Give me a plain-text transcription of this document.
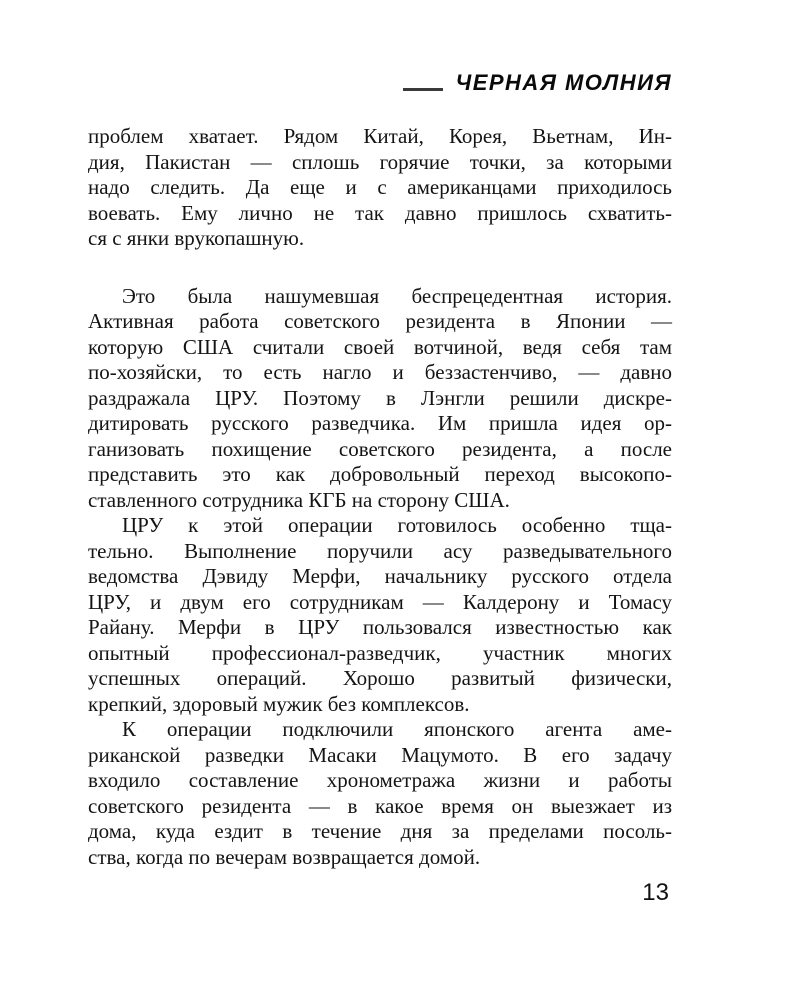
ЧЕРНАЯ МОЛНИЯ
проблем хватает. Рядом Китай, Корея, Вьетнам, Ин-
дия, Пакистан — сплошь горячие точки, за которыми
надо следить. Да еще и с американцами приходилось
воевать. Ему лично не так давно пришлось схватить-
ся с янки врукопашную.
Это была нашумевшая беспрецедентная история.
Активная работа советского резидента в Японии —
которую США считали своей вотчиной, ведя себя там
по-хозяйски, то есть нагло и беззастенчиво, — давно
раздражала ЦРУ. Поэтому в Лэнгли решили дискре-
дитировать русского разведчика. Им пришла идея ор-
ганизовать похищение советского резидента, а после
представить это как добровольный переход высокопо-
ставленного сотрудника КГБ на сторону США.
ЦРУ к этой операции готовилось особенно тща-
тельно. Выполнение поручили асу разведывательного
ведомства Дэвиду Мерфи, начальнику русского отдела
ЦРУ, и двум его сотрудникам — Калдерону и Томасу
Райану. Мерфи в ЦРУ пользовался известностью как
опытный профессионал-разведчик, участник многих
успешных операций. Хорошо развитый физически,
крепкий, здоровый мужик без комплексов.
К операции подключили японского агента аме-
риканской разведки Масаки Мацумото. В его задачу
входило составление хронометража жизни и работы
советского резидента — в какое время он выезжает из
дома, куда ездит в течение дня за пределами посоль-
ства, когда по вечерам возвращается домой.
13
